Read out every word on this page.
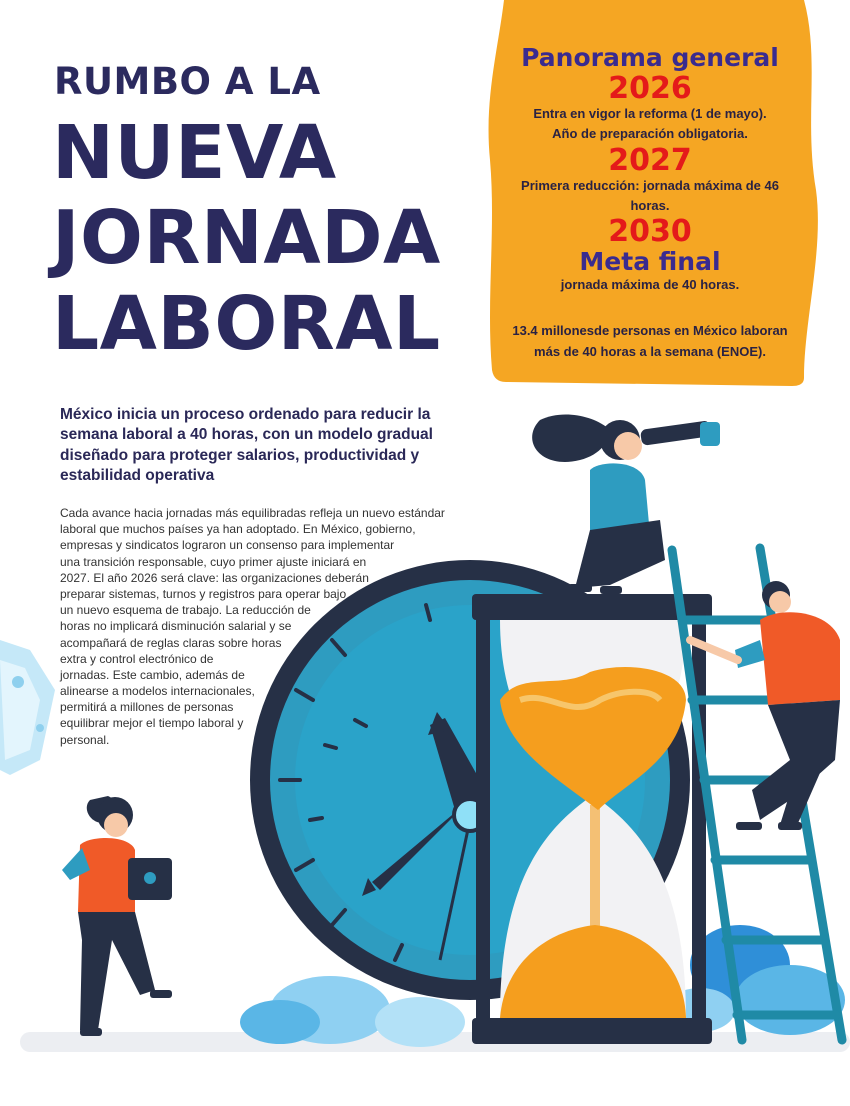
RUMBO A LA
NUEVA
JORNADA
LABORAL
Panorama general
2026
Entra en vigor la reforma (1 de mayo).
Año de preparación obligatoria.
2027
Primera reducción: jornada máxima de 46 horas.
2030
Meta final
jornada máxima de 40 horas.
13.4 millonesde personas en México laboran
más de 40 horas a la semana (ENOE).
México inicia un proceso ordenado para reducir la semana laboral a 40 horas, con un modelo gradual diseñado para proteger salarios, productividad y estabilidad operativa
Cada avance hacia jornadas más equilibradas refleja un nuevo estándar
laboral que muchos países ya han adoptado. En México, gobierno,
empresas y sindicatos lograron un consenso para implementar
una transición responsable, cuyo primer ajuste iniciará en
2027. El año 2026 será clave: las organizaciones deberán
preparar sistemas, turnos y registros para operar bajo
un nuevo esquema de trabajo. La reducción de
horas no implicará disminución salarial y se
acompañará de reglas claras sobre horas
extra y control electrónico de
jornadas. Este cambio, además de
alinearse a modelos internacionales,
permitirá a millones de personas
equilibrar mejor el tiempo laboral y
personal.
